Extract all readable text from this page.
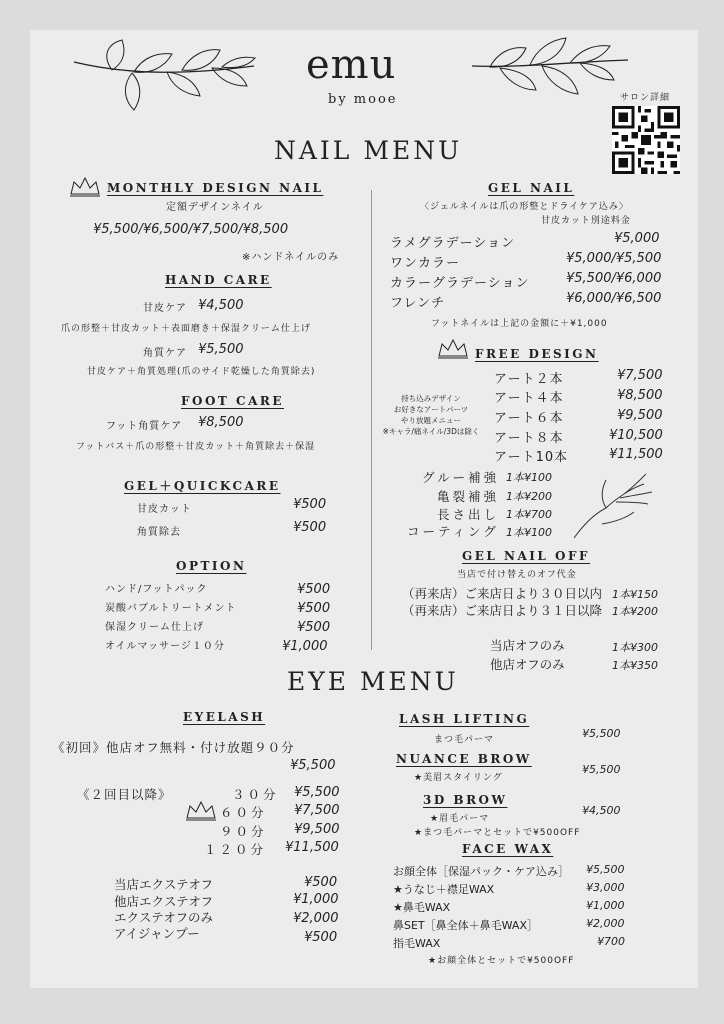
emu
by mooe	サロン詳細
NAIL MENU
MONTHLY DESIGN NAIL
定額デザインネイル
¥5,500/¥6,500/¥7,500/¥8,500
※ハンドネイルのみ
HAND CARE
甘皮ケア ¥4,500
爪の形整＋甘皮カット＋表面磨き＋保湿クリーム仕上げ
角質ケア ¥5,500
甘皮ケア＋角質処理(爪のサイド乾燥した角質除去)
FOOT CARE
フット角質ケア ¥8,500
フットバス＋爪の形整＋甘皮カット＋角質除去＋保湿
GEL＋QUICKCARE
甘皮カット	¥500
角質除去	¥500
OPTION
ハンド/フットパック	¥500
炭酸バブルトリートメント	¥500
保湿クリーム仕上げ	¥500
オイルマッサージ１０分	¥1,000
GEL NAIL
〈ジェルネイルは爪の形整とドライケア込み〉
甘皮カット別途料金
ラメグラデーション	¥5,000
ワンカラー	¥5,000/¥5,500
カラーグラデーション	¥5,500/¥6,000
フレンチ	¥6,000/¥6,500
フットネイルは上記の金額に＋¥1,000
FREE DESIGN
持ち込みデザイン
お好きなアートパーツ
やり放題メニュー
※キャラ/痛ネイル/3Dは除く
アート２本	¥7,500
アート４本	¥8,500
アート６本	¥9,500
アート８本	¥10,500
アート10本	¥11,500
グルー補強 1本¥100
亀裂補強 1本¥200
長さ出し 1本¥700
コーティング 1本¥100
GEL NAIL OFF
当店で付け替えのオフ代金
（再来店）ご来店日より３０日以内 1本¥150
（再来店）ご来店日より３１日以降 1本¥200
当店オフのみ	1本¥300
他店オフのみ	1本¥350
EYE MENU
EYELASH
《初回》他店オフ無料・付け放題９０分
¥5,500
《２回目以降》	３０分 ¥5,500
６０分 ¥7,500
９０分 ¥9,500
１２０分 ¥11,500
当店エクステオフ	¥500
他店エクステオフ	¥1,000
エクステオフのみ	¥2,000
アイジャンプー	¥500
LASH LIFTING
まつ毛パーマ	¥5,500
NUANCE BROW
★美眉スタイリング
¥5,500
3D BROW
★眉毛パーマ
¥4,500
★まつ毛パーマとセットで¥500OFF
FACE WAX
お顔全体［保湿パック・ケア込み］ ¥5,500
★うなじ＋襟足WAX	¥3,000
★鼻毛WAX	¥1,000
鼻SET［鼻全体＋鼻毛WAX］	¥2,000
指毛WAX	¥700
★お顔全体とセットで¥500OFF
